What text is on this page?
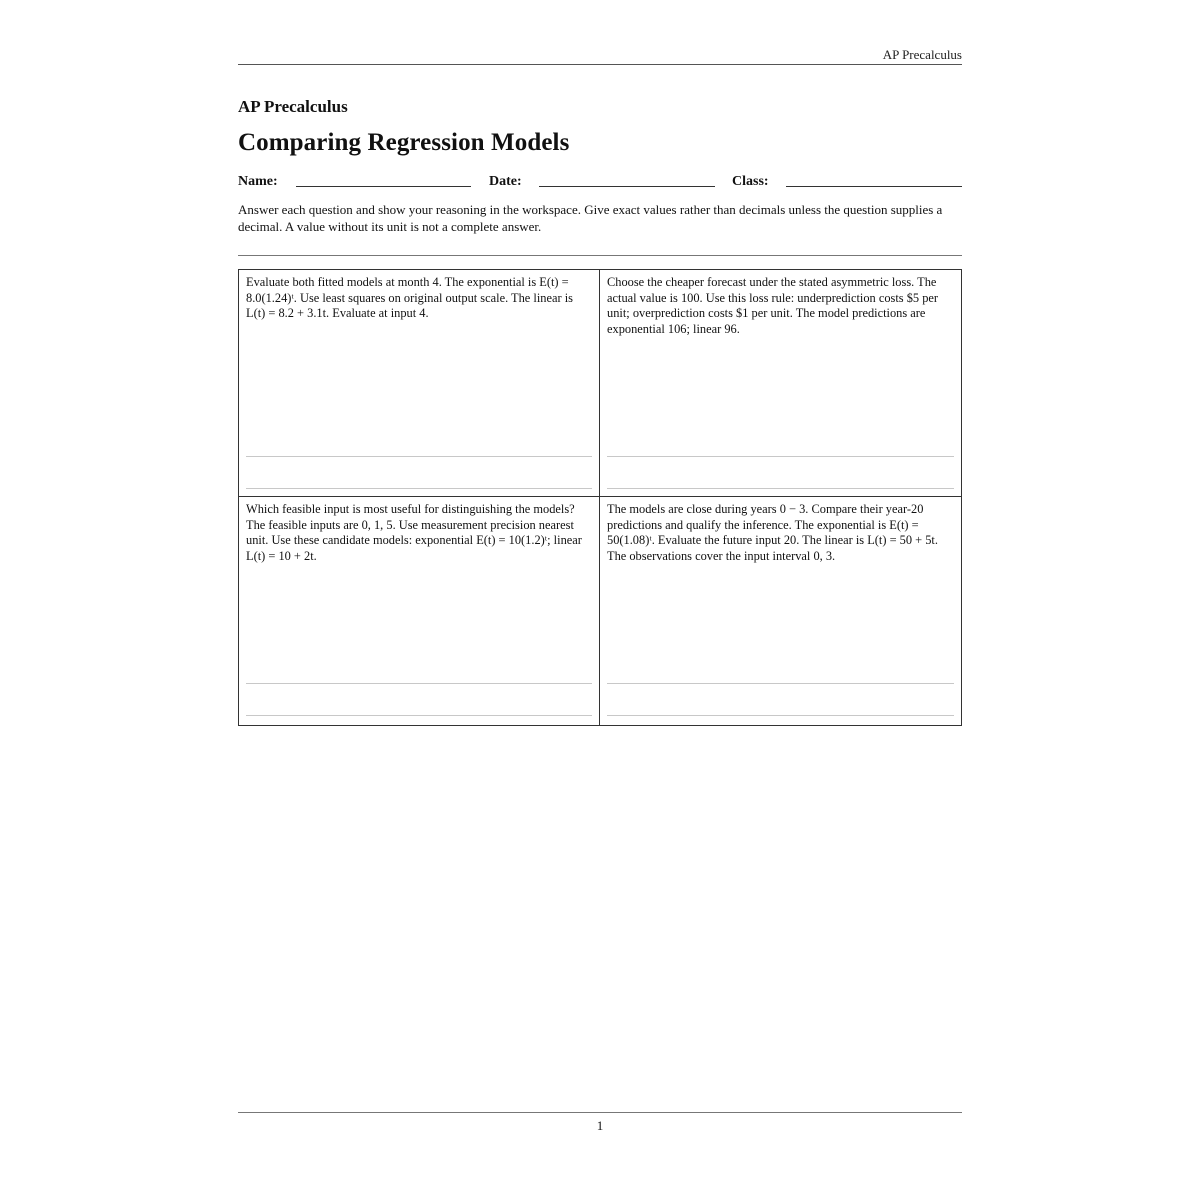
AP Precalculus
AP Precalculus
Comparing Regression Models
Name:	Date:	Class:
Answer each question and show your reasoning in the workspace. Give exact values rather than decimals unless the question supplies a decimal. A value without its unit is not a complete answer.
Evaluate both fitted models at month 4. The exponential is E(t) = 8.0(1.24)ᵗ. Use least squares on original output scale. The linear is L(t) = 8.2 + 3.1t. Evaluate at input 4.
Choose the cheaper forecast under the stated asymmetric loss. The actual value is 100. Use this loss rule: underprediction costs $5 per unit; overprediction costs $1 per unit. The model predictions are exponential 106; linear 96.
Which feasible input is most useful for distinguishing the models? The feasible inputs are 0, 1, 5. Use measurement precision nearest unit. Use these candidate models: exponential E(t) = 10(1.2)ᵗ; linear L(t) = 10 + 2t.
The models are close during years 0 − 3. Compare their year-20 predictions and qualify the inference. The exponential is E(t) = 50(1.08)ᵗ. Evaluate the future input 20. The linear is L(t) = 50 + 5t. The observations cover the input interval 0, 3.
1
